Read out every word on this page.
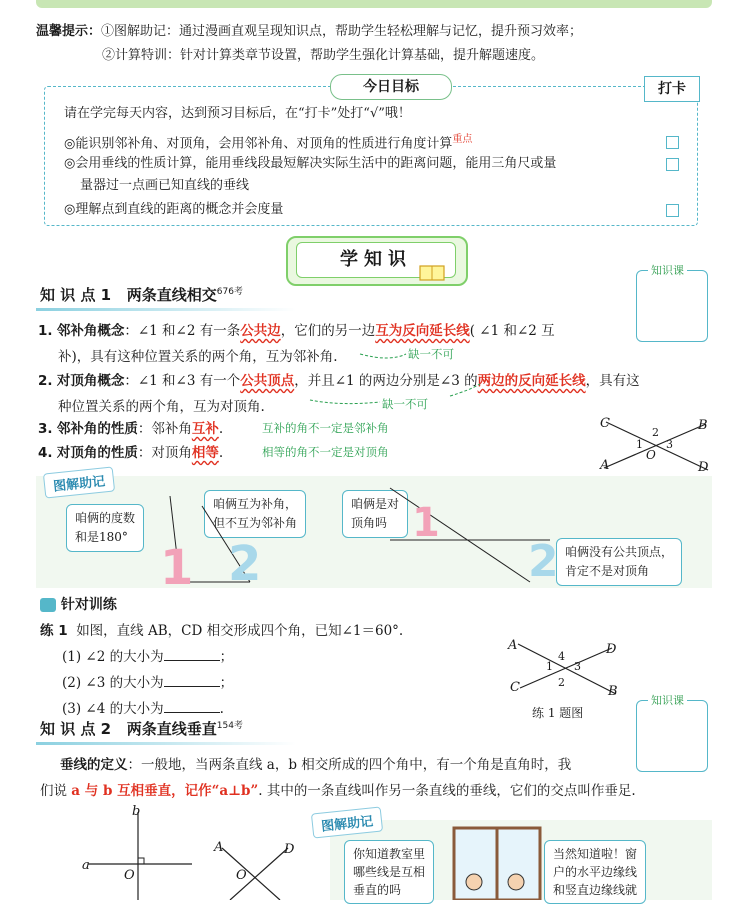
温馨提示：①图解助记：通过漫画直观呈现知识点，帮助学生轻松理解与记忆，提升预习效率；
②计算特训：针对计算类章节设置，帮助学生强化计算基础，提升解题速度。
今日目标	打卡
请在学完每天内容，达到预习目标后，在“打卡”处打“√”哦！
◎能识别邻补角、对顶角，会用邻补角、对顶角的性质进行角度计算$^{重点}$
◎会用垂线的性质计算，能用垂线段最短解决实际生活中的距离问题，能用三角尺或量
量器过一点画已知直线的垂线
◎理解点到直线的距离的概念并会度量
学知识
知识课
知 识 点 1 两条直线相交$^{676考}$
1. 邻补角概念：∠1 和∠2 有一条公共边，它们的另一边互为反向延长线( ∠1 和∠2 互
补)，具有这种位置关系的两个角，互为邻补角.	缺一不可
2. 对顶角概念：∠1 和∠3 有一个公共顶点，并且∠1 的两边分别是∠3 的两边的反向延长线，具有这
种位置关系的两个角，互为对顶角.	缺一不可
3. 邻补角的性质：邻补角互补.	互补的角不一定是邻补角
4. 对顶角的性质：对顶角相等.	相等的角不一定是对顶角
C	B
A	D
O
1
2
3
图解助记
咱俩的度数
和是180°
咱俩互为补角，
但不互为邻补角
咱俩是对
顶角吗
咱俩没有公共顶点，
肯定不是对顶角
1 2
1
2
针对训练
练 1 如图，直线 AB，CD 相交形成四个角，已知∠1＝60°.
(1) ∠2 的大小为	；
(2) ∠3 的大小为	；
(3) ∠4 的大小为	.
A	D
C	B
1
4
3
2
练 1 题图
知识课
知 识 点 2 两条直线垂直$^{154考}$
垂线的定义：一般地，当两条直线 a，b 相交所成的四个角中，有一个角是直角时，我
们说 a 与 b 互相垂直，记作“a⊥b”. 其中的一条直线叫作另一条直线的垂线，它们的交点叫作垂足.
b
a
O
A	D
O
图解助记
你知道教室里
哪些线是互相
垂直的吗
当然知道啦！窗
户的水平边缘线
和竖直边缘线就
